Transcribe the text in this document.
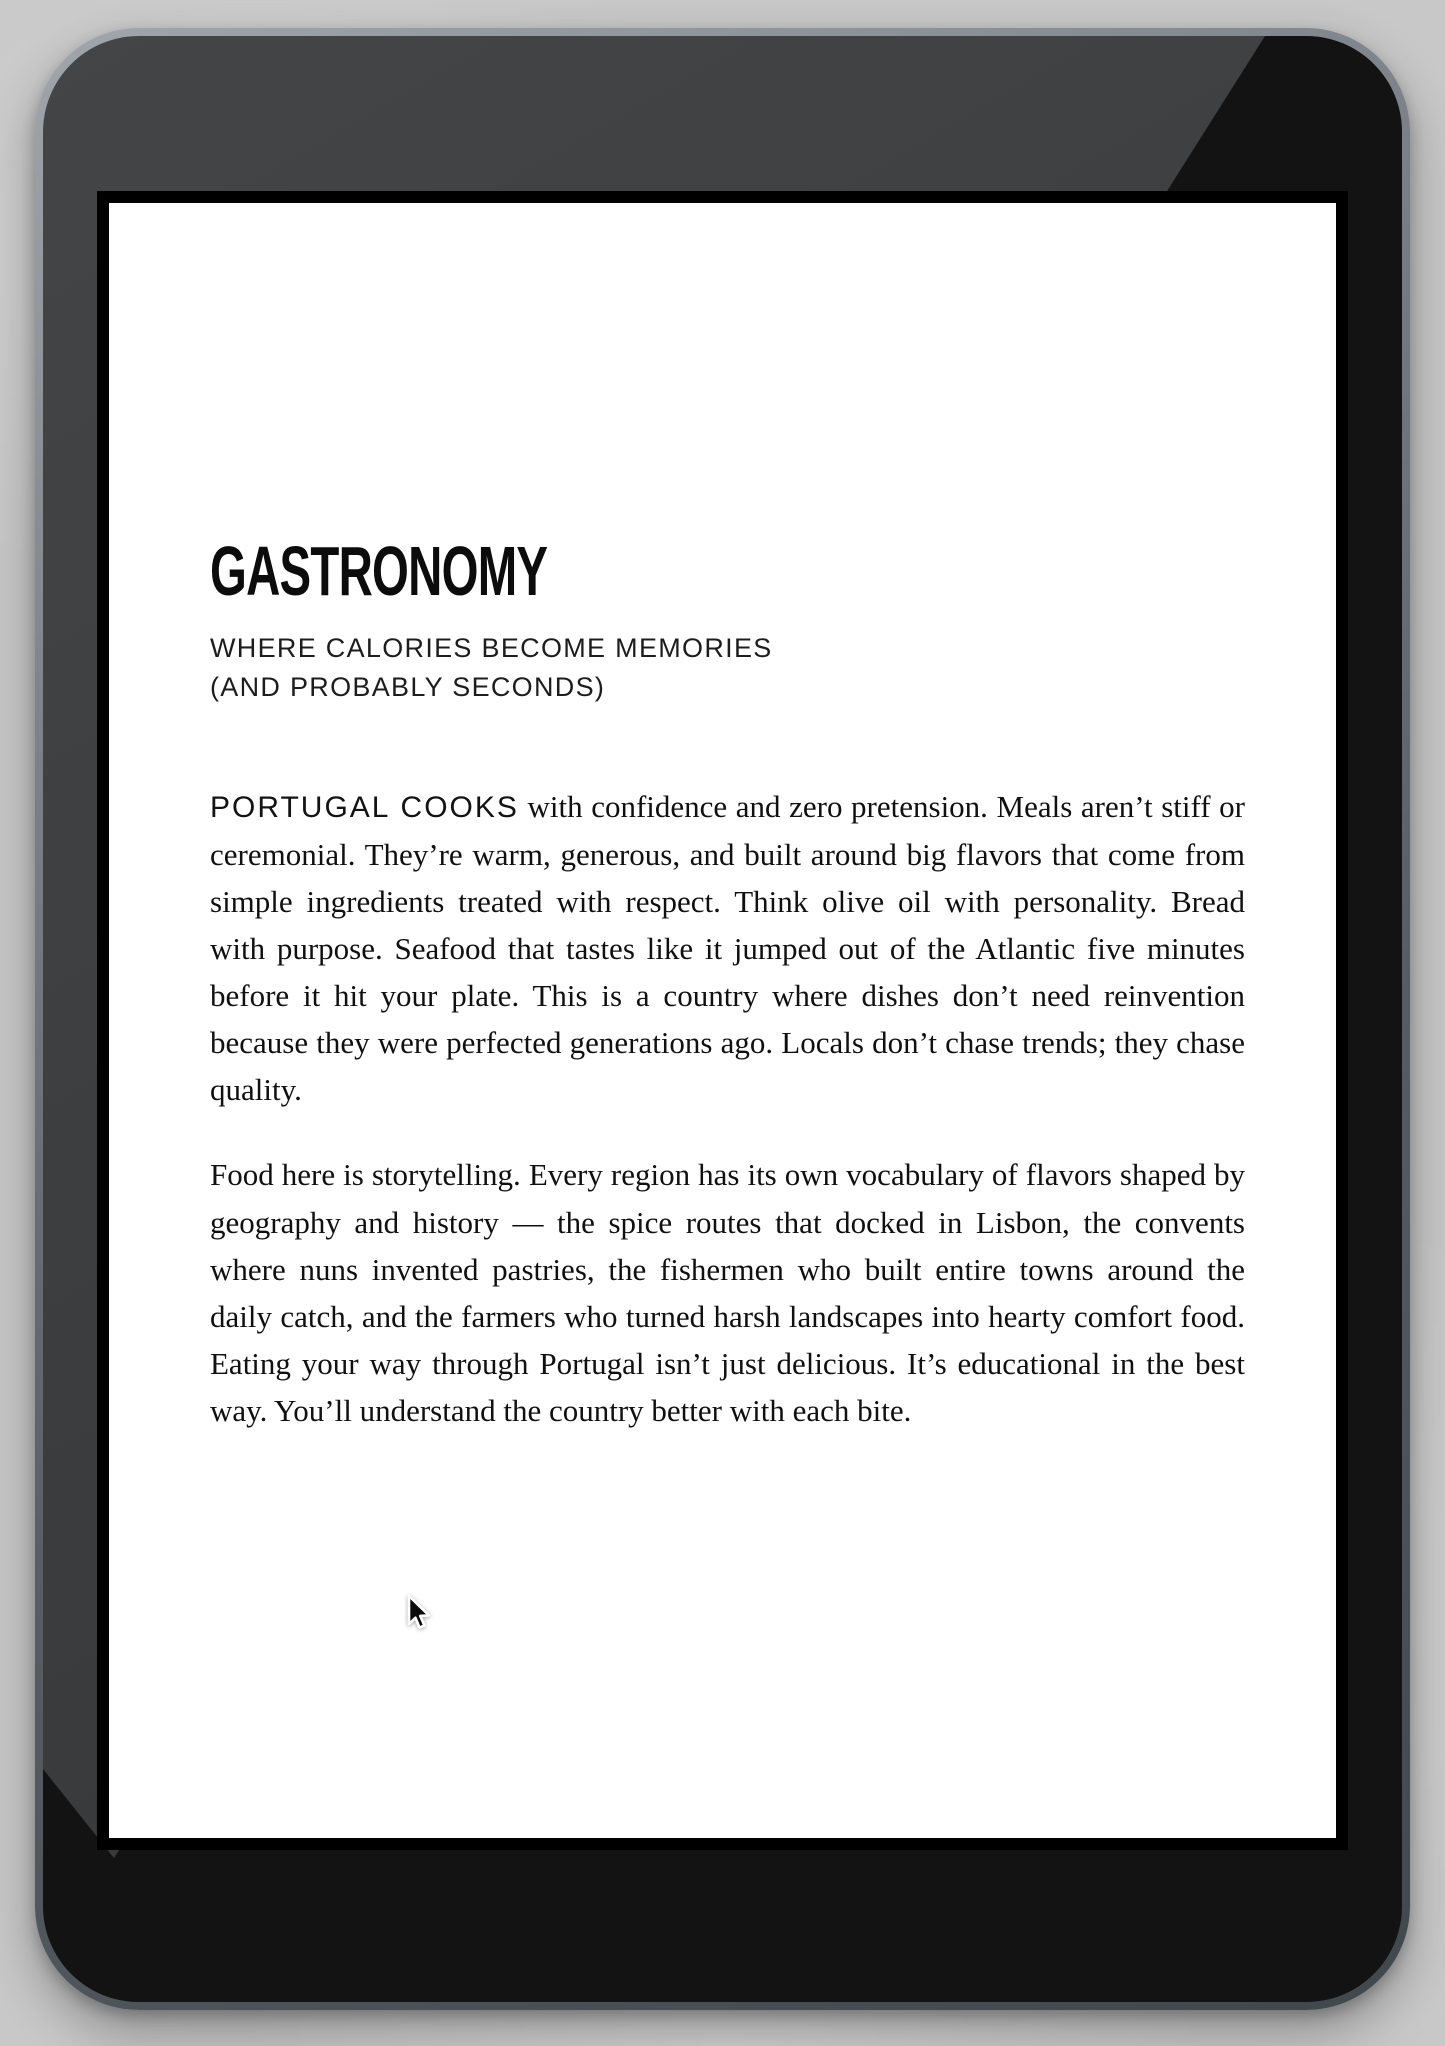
GASTRONOMY
WHERE CALORIES BECOME MEMORIES
(AND PROBABLY SECONDS)

PORTUGAL COOKS with confidence and zero pretension. Meals aren’t stiff or ceremonial. They’re warm, generous, and built around big flavors that come from simple ingredients treated with respect. Think olive oil with personality. Bread with purpose. Seafood that tastes like it jumped out of the Atlantic five minutes before it hit your plate. This is a country where dishes don’t need reinvention because they were perfected generations ago. Locals don’t chase trends; they chase quality.

Food here is storytelling. Every region has its own vocabulary of flavors shaped by geography and history — the spice routes that docked in Lisbon, the convents where nuns invented pastries, the fishermen who built entire towns around the daily catch, and the farmers who turned harsh landscapes into hearty comfort food. Eating your way through Portugal isn’t just delicious. It’s educational in the best way. You’ll understand the country better with each bite.
